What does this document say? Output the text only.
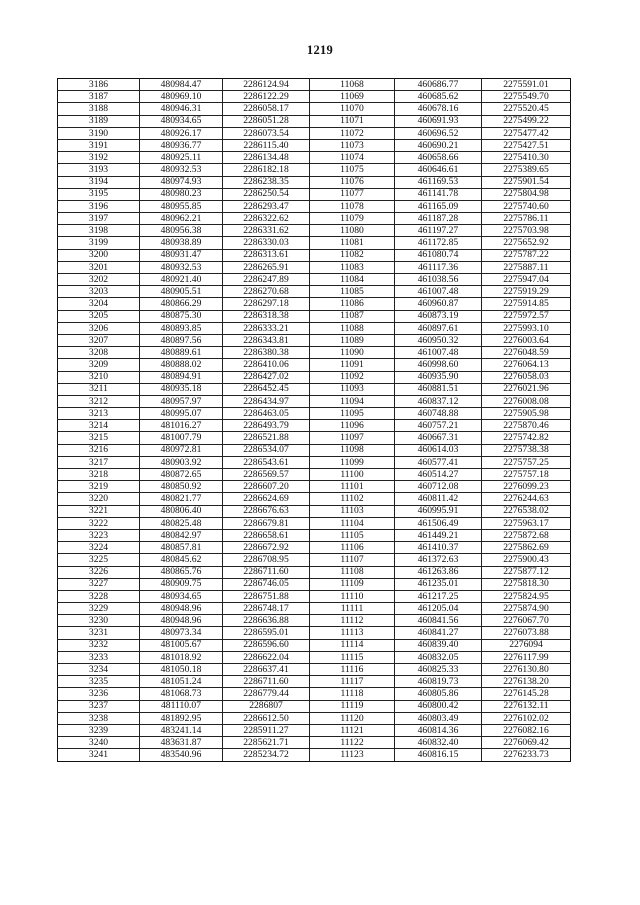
1219
3186	480984.47	2286124.94	11068	460686.77	2275591.01
3187	480969.10	2286122.29	11069	460685.62	2275549.70
3188	480946.31	2286058.17	11070	460678.16	2275520.45
3189	480934.65	2286051.28	11071	460691.93	2275499.22
3190	480926.17	2286073.54	11072	460696.52	2275477.42
3191	480936.77	2286115.40	11073	460690.21	2275427.51
3192	480925.11	2286134.48	11074	460658.66	2275410.30
3193	480932.53	2286182.18	11075	460646.61	2275389.65
3194	480974.93	2286238.35	11076	461169.53	2275901.54
3195	480980.23	2286250.54	11077	461141.78	2275804.98
3196	480955.85	2286293.47	11078	461165.09	2275740.60
3197	480962.21	2286322.62	11079	461187.28	2275786.11
3198	480956.38	2286331.62	11080	461197.27	2275703.98
3199	480938.89	2286330.03	11081	461172.85	2275652.92
3200	480931.47	2286313.61	11082	461080.74	2275787.22
3201	480932.53	2286265.91	11083	461117.36	2275887.11
3202	480921.40	2286247.89	11084	461038.56	2275947.04
3203	480905.51	2286270.68	11085	461007.48	2275919.29
3204	480866.29	2286297.18	11086	460960.87	2275914.85
3205	480875.30	2286318.38	11087	460873.19	2275972.57
3206	480893.85	2286333.21	11088	460897.61	2275993.10
3207	480897.56	2286343.81	11089	460950.32	2276003.64
3208	480889.61	2286380.38	11090	461007.48	2276048.59
3209	480888.02	2286410.06	11091	460998.60	2276064.13
3210	480894.91	2286427.02	11092	460935.90	2276058.03
3211	480935.18	2286452.45	11093	460881.51	2276021.96
3212	480957.97	2286434.97	11094	460837.12	2276008.08
3213	480995.07	2286463.05	11095	460748.88	2275905.98
3214	481016.27	2286493.79	11096	460757.21	2275870.46
3215	481007.79	2286521.88	11097	460667.31	2275742.82
3216	480972.81	2286534.07	11098	460614.03	2275738.38
3217	480903.92	2286543.61	11099	460577.41	2275757.25
3218	480872.65	2286569.57	11100	460514.27	2275757.18
3219	480850.92	2286607.20	11101	460712.08	2276099.23
3220	480821.77	2286624.69	11102	460811.42	2276244.63
3221	480806.40	2286676.63	11103	460995.91	2276538.02
3222	480825.48	2286679.81	11104	461506.49	2275963.17
3223	480842.97	2286658.61	11105	461449.21	2275872.68
3224	480857.81	2286672.92	11106	461410.37	2275862.69
3225	480845.62	2286708.95	11107	461372.63	2275900.43
3226	480865.76	2286711.60	11108	461263.86	2275877.12
3227	480909.75	2286746.05	11109	461235.01	2275818.30
3228	480934.65	2286751.88	11110	461217.25	2275824.95
3229	480948.96	2286748.17	11111	461205.04	2275874.90
3230	480948.96	2286636.88	11112	460841.56	2276067.70
3231	480973.34	2286595.01	11113	460841.27	2276073.88
3232	481005.67	2286596.60	11114	460839.40	2276094
3233	481018.92	2286622.04	11115	460832.05	2276117.99
3234	481050.18	2286637.41	11116	460825.33	2276130.80
3235	481051.24	2286711.60	11117	460819.73	2276138.20
3236	481068.73	2286779.44	11118	460805.86	2276145.28
3237	481110.07	2286807	11119	460800.42	2276132.11
3238	481892.95	2286612.50	11120	460803.49	2276102.02
3239	483241.14	2285911.27	11121	460814.36	2276082.16
3240	483631.87	2285621.71	11122	460832.40	2276069.42
3241	483540.96	2285234.72	11123	460816.15	2276233.73
